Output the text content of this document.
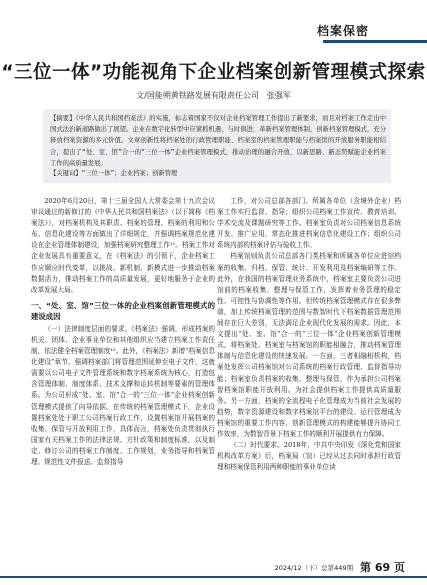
档案保密
“三位一体”功能视角下企业档案创新管理模式探索
文/国能朔黄铁路发展有限责任公司　张强军
【摘要】《中华人民共和国档案法》的实施，标志着国家不仅对企业档案管理工作提出了新要求，而且对档案工作走出中国式法治新道路做出了展望。企业在数字化转型中应紧抓机遇，与时俱进，革新档案管理体制，创新档案管理模式，充分释放档案资源的多元价值。文章创新性将档案处的行政管理职能、档案室的档案管理职能与档案馆的开放服务职能相结合，提出了“处、室、馆”合一的“三位一体”企业档案管理模式，推动治理的融合开放，以新思路、新态势赋能企业档案工作的高质量发展。
【关键词】“三位一体”；企业档案；创新管理

2020年6月20日，第十三届全国人大常委会第十九次会议审议通过的新修订的《中华人民共和国档案法》（以下简称《档案法》），对档案机构及其职责、档案的管理、档案的利用和公布、信息化建设等方面做出了详细规定，并强调档案规范化建设在企业管理体制建设，加强档案研究整理工作¹¹。档案工作对企业发展具有重要意义，在《档案法》的引领下，企业档案工作应顺应时代变革，以挑战、新机制、新模式进一步推动档案数据活力，推动档案工作的高质量发展，更好地服务于企业的改革发展大局。

一、“处、室、馆”三位一体的企业档案创新管理模式的建设成因

（一）法律制度层面的要求。《档案法》强调，形成档案的机关、团体、企业事业单位和其他组织应当建立档案工作责任制，依法健全档案管理制度¹²。此外，《档案法》新增“档案信息化建设”章节，强调档案部门将管理范围延伸至电子文件，这就需要以公司电子文件管理系统和数字档案系统为核心，打造包含管理体制、制度体系、技术支撑和运转机制等要素的管理体系。为公司形成“处、室、馆”合一的“三位一体”企业档案创新管理模式提供了向导依据。在传统的档案管理模式下，企业设置档案处处于职工公司档案行政工作，设置档案馆开展档案的收集、保管与开放利用工作，具体而言，档案处负责贯彻执行国家有关档案工作的法律法规、方针政策和制度标准，以及制定、修订公司的档案工作制度、工作规划，业务指导和档案管理、规范性文件报送、监督指导

工作，对公司总部各部门、所属各单位（含境外企业）档案工作实行监督、指导；组织公司档案工作宣传、教育培训、学术交流及课题研究等工作。档案室负责对公司档案信息系统开发、推广应用，常态化推进档案信息化建设工作；组织公司系统内部的档案评估与验收工作。

档案馆则负责公司总部各门类档案和所属各单位应进馆档案的收集、归档、保管、统计、开发利用及档案编研等工作。此外，在我国的档案管理业务系统中，档案室主要负责公司进馆前的档案收集、整理与保管工作，发挥着业务管理的稳定性、可控性与协调性等作用。但传统档案管理模式存在很多弊端，加上传统档案管理的范围与数智时代下档案数据管理范围间存在巨大差别，无法满足企业现代化发展的需求。因此，本文提出“处、室、馆”合一的“三位一体”企业档案创新管理模式，将档案处、档案室与档案馆的职能相融合，推动档案管理体制与信息化建设的快速发展。一方面，三者相融相机构，档案处发挥公司档案馆对公司系统的档案行政管理、监督指导功能；档案室负责档案的收集、整理与保管，作为承担公司档案智档案馆职能开放利用。为社会提供档案工作提供高质量服务。另一方面，档案的全流程电子化管理成为当前社会发展的趋势，数字资源建设和数字档案馆平台的建设、运行管理成为档案馆的重要工作内容，创新管理模式的构建能够提升协同工作效率，为数智背景下档案工作的顺利开展提供有力保障。

（二）时代要求。2018年，中共中央印发《深化党和国家机构改革方案》后，档案局（馆）已经从过去同时承担行政管理和档案保管利用两种职能的事业单位读

2024/12（下）总第449期 第 69 页
